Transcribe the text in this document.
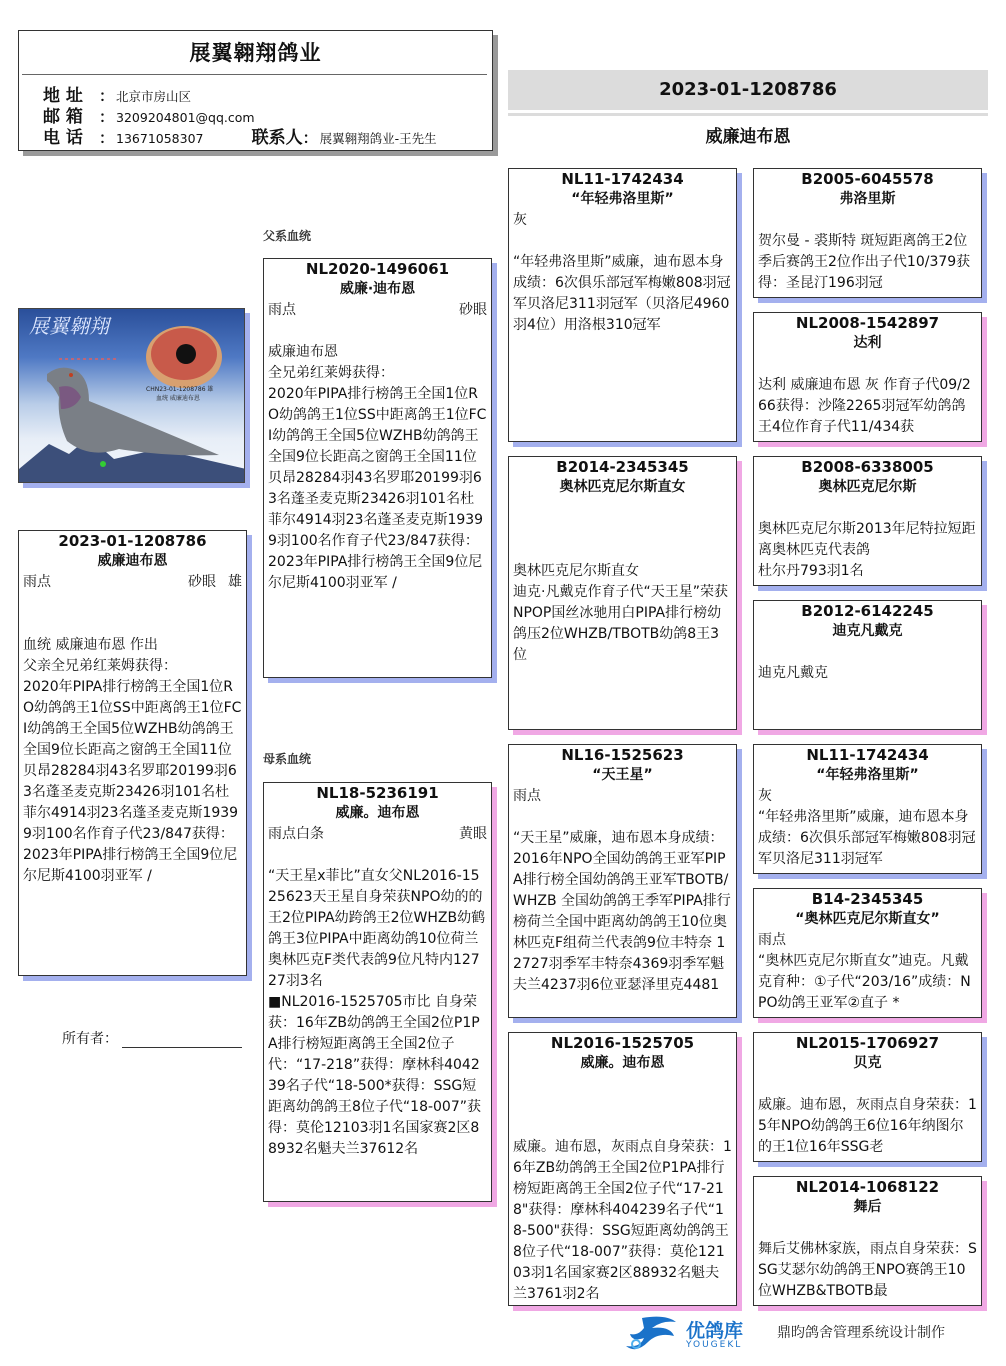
展翼翱翔鸽业
地 址 ： 北京市房山区
邮 箱 ： 3209204801@qq.com
电 话 ： 13671058307	联系人： 展翼翱翔鸽业-王先生
2023-01-1208786
威廉迪布恩
展翼翱翔
CHN23-01-1208786 雄
血统 威廉迪布恩
2023-01-1208786
威廉迪布恩
雨点	砂眼 雄
血统 威廉迪布恩 作出
父亲全兄弟红莱姆获得：
2020年PIPA排行榜鸽王全国1位RO幼鸽鸽王1位SS中距离鸽王1位FCI幼鸽鸽王全国5位WZHB幼鸽鸽王全国9位长距高之窗鸽王全国11位贝昂28284羽43名罗耶20199羽63名蓬圣麦克斯23426羽101名杜菲尔4914羽23名蓬圣麦克斯19399羽100名作育子代23/847获得：2023年PIPA排行榜鸽王全国9位尼尔尼斯4100羽亚军 /
所有者：
父系血统
母系血统
NL2020-1496061
威廉·迪布恩
雨点	砂眼
威廉迪布恩
全兄弟红莱姆获得：
2020年PIPA排行榜鸽王全国1位RO幼鸽鸽王1位SS中距离鸽王1位FCI幼鸽鸽王全国5位WZHB幼鸽鸽王全国9位长距高之窗鸽王全国11位贝昂28284羽43名罗耶20199羽63名蓬圣麦克斯23426羽101名杜菲尔4914羽23名蓬圣麦克斯19399羽100名作育子代23/847获得：2023年PIPA排行榜鸽王全国9位尼尔尼斯4100羽亚军 /
NL18-5236191
威廉。迪布恩
雨点白条	黄眼
“天王星x菲比”直女父NL2016-1525623天王星自身荣获NPO幼的的王2位PIPA幼跨鸽王2位WHZB幼鹤鸽王3位PIPA中距离幼鸽10位荷兰奥林匹克F类代表鸽9位凡特内12727羽3名
■NL2016-1525705市比 自身荣获：16年ZB幼鸽鸽王全国2位P1PA排行榜短距离鸽王全国2位子代：“17-218”获得：摩林科404239名子代“18-500*获得：SSG短距离幼鸽鸽王8位子代“18-007”获得：莫伦12103羽1名国家赛2区88932名魁夫兰37612名
NL11-1742434
“年轻弗洛里斯”
灰
“年轻弗洛里斯”威廉，迪布恩本身成绩：6次俱乐部冠军梅嫩808羽冠军贝洛尼311羽冠军（贝洛尼4960羽4位）用洛根310冠军
B2014-2345345
奥林匹克尼尔斯直女
奥林匹克尼尔斯直女
迪克·凡戴克作育子代“天王星”荣获
NPOP国丝冰驰用白PIPA排行榜幼鸽压2位WHZB/TBOTB幼鸽8王3位
NL16-1525623
“天王星”
雨点
“天王星”威廉，迪布恩本身成绩：2016年NPO全国幼鸽鸽王亚军PIPA排行榜全国幼鸽鸽王亚军TBOTB/WHZB 全国幼鸽鸽王季军PIPA排行榜荷兰全国中距离幼鸽鸽王10位奥林匹克F组荷兰代表鸽9位丰特奈 12727羽季军丰特奈4369羽季军魁夫兰4237羽6位亚瑟泽里克4481
NL2016-1525705
威廉。迪布恩
威廉。迪布恩，灰雨点自身荣获：16年ZB幼鸽鸽王全国2位P1PA排行榜短距离鸽王全国2位子代“17-218"获得：摩林科404239名子代“18-500"获得：SSG短距离幼鸽鸽王8位子代“18-007”获得：莫伦12103羽1名国家赛2区88932名魁夫兰3761羽2名
B2005-6045578
弗洛里斯
贺尔曼 - 裘斯特 斑短距离鸽王2位季后赛鸽王2位作出子代10/379获得：圣昆汀196羽冠
NL2008-1542897
达利
达利 威廉迪布恩 灰 作育子代09/266获得：沙隆2265羽冠军幼鸽鸽王4位作育子代11/434获
B2008-6338005
奥林匹克尼尔斯
奥林匹克尼尔斯2013年尼特拉短距离奥林匹克代表鸽
杜尔丹793羽1名
B2012-6142245
迪克凡戴克
迪克凡戴克
NL11-1742434
“年轻弗洛里斯”
灰
“年轻弗洛里斯”威廉，迪布恩本身成绩：6次俱乐部冠军梅嫩808羽冠军贝洛尼311羽冠军
B14-2345345
“奥林匹克尼尔斯直女”
雨点
“奥林匹克尼尔斯直女”迪克。凡戴克育种：①子代“203/16”成绩：NPO幼鸽王亚军②直子 *
NL2015-1706927
贝克
威廉。迪布恩，灰雨点自身荣获：15年NPO幼鸽鸽王6位16年纳图尔的王1位16年SSG老
NL2014-1068122
舞后
舞后艾佛林家族，雨点自身荣获：SSG艾瑟尔幼鸽鸽王NPO赛鸽王10位WHZB&TBOTB最
优鸽库
YOUGEKL
鼎昀鸽舍管理系统设计制作
